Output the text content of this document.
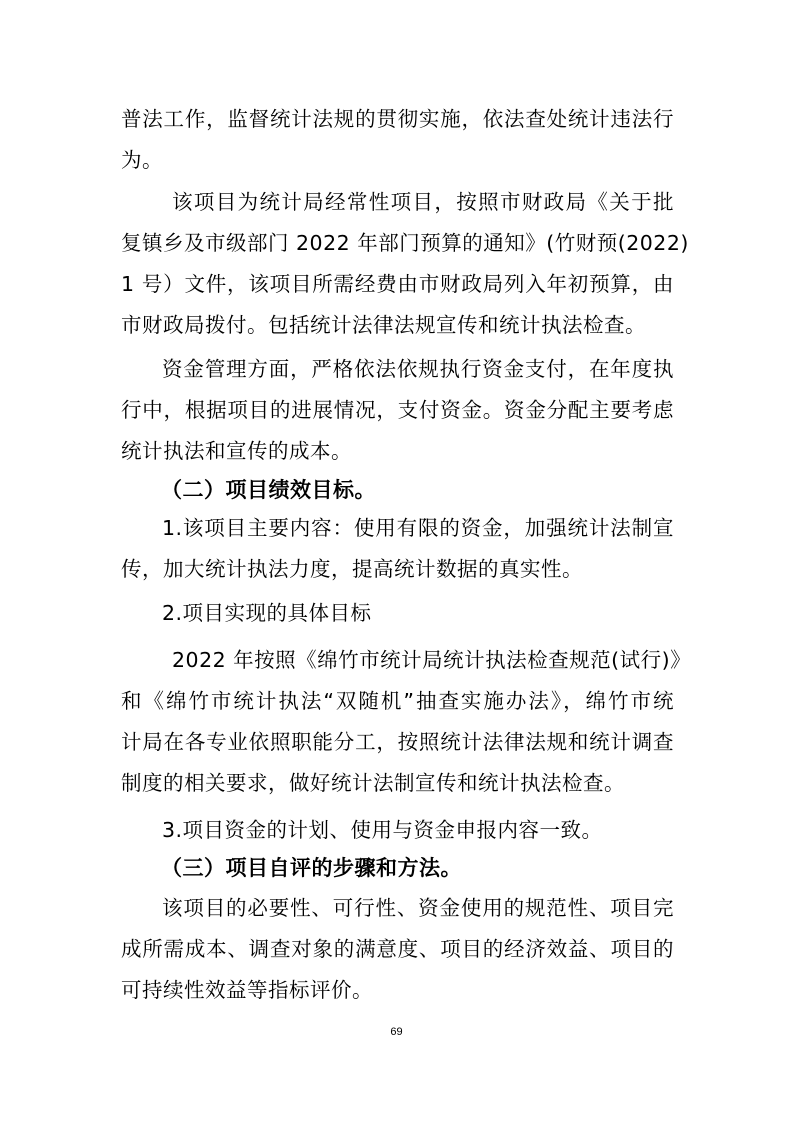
普法工作，监督统计法规的贯彻实施，依法查处统计违法行
为。
该项目为统计局经常性项目，按照市财政局《关于批
复镇乡及市级部门 2022 年部门预算的通知》(竹财预(2022)
1 号）文件，该项目所需经费由市财政局列入年初预算，由
市财政局拨付。包括统计法律法规宣传和统计执法检查。
资金管理方面，严格依法依规执行资金支付，在年度执
行中，根据项目的进展情况，支付资金。资金分配主要考虑
统计执法和宣传的成本。
（二）项目绩效目标。
1.该项目主要内容：使用有限的资金，加强统计法制宣
传，加大统计执法力度，提高统计数据的真实性。
2.项目实现的具体目标
2022 年按照《绵竹市统计局统计执法检查规范(试行)》
和《绵竹市统计执法“双随机”抽查实施办法》，绵竹市统
计局在各专业依照职能分工，按照统计法律法规和统计调查
制度的相关要求，做好统计法制宣传和统计执法检查。
3.项目资金的计划、使用与资金申报内容一致。
（三）项目自评的步骤和方法。
该项目的必要性、可行性、资金使用的规范性、项目完
成所需成本、调查对象的满意度、项目的经济效益、项目的
可持续性效益等指标评价。
69
